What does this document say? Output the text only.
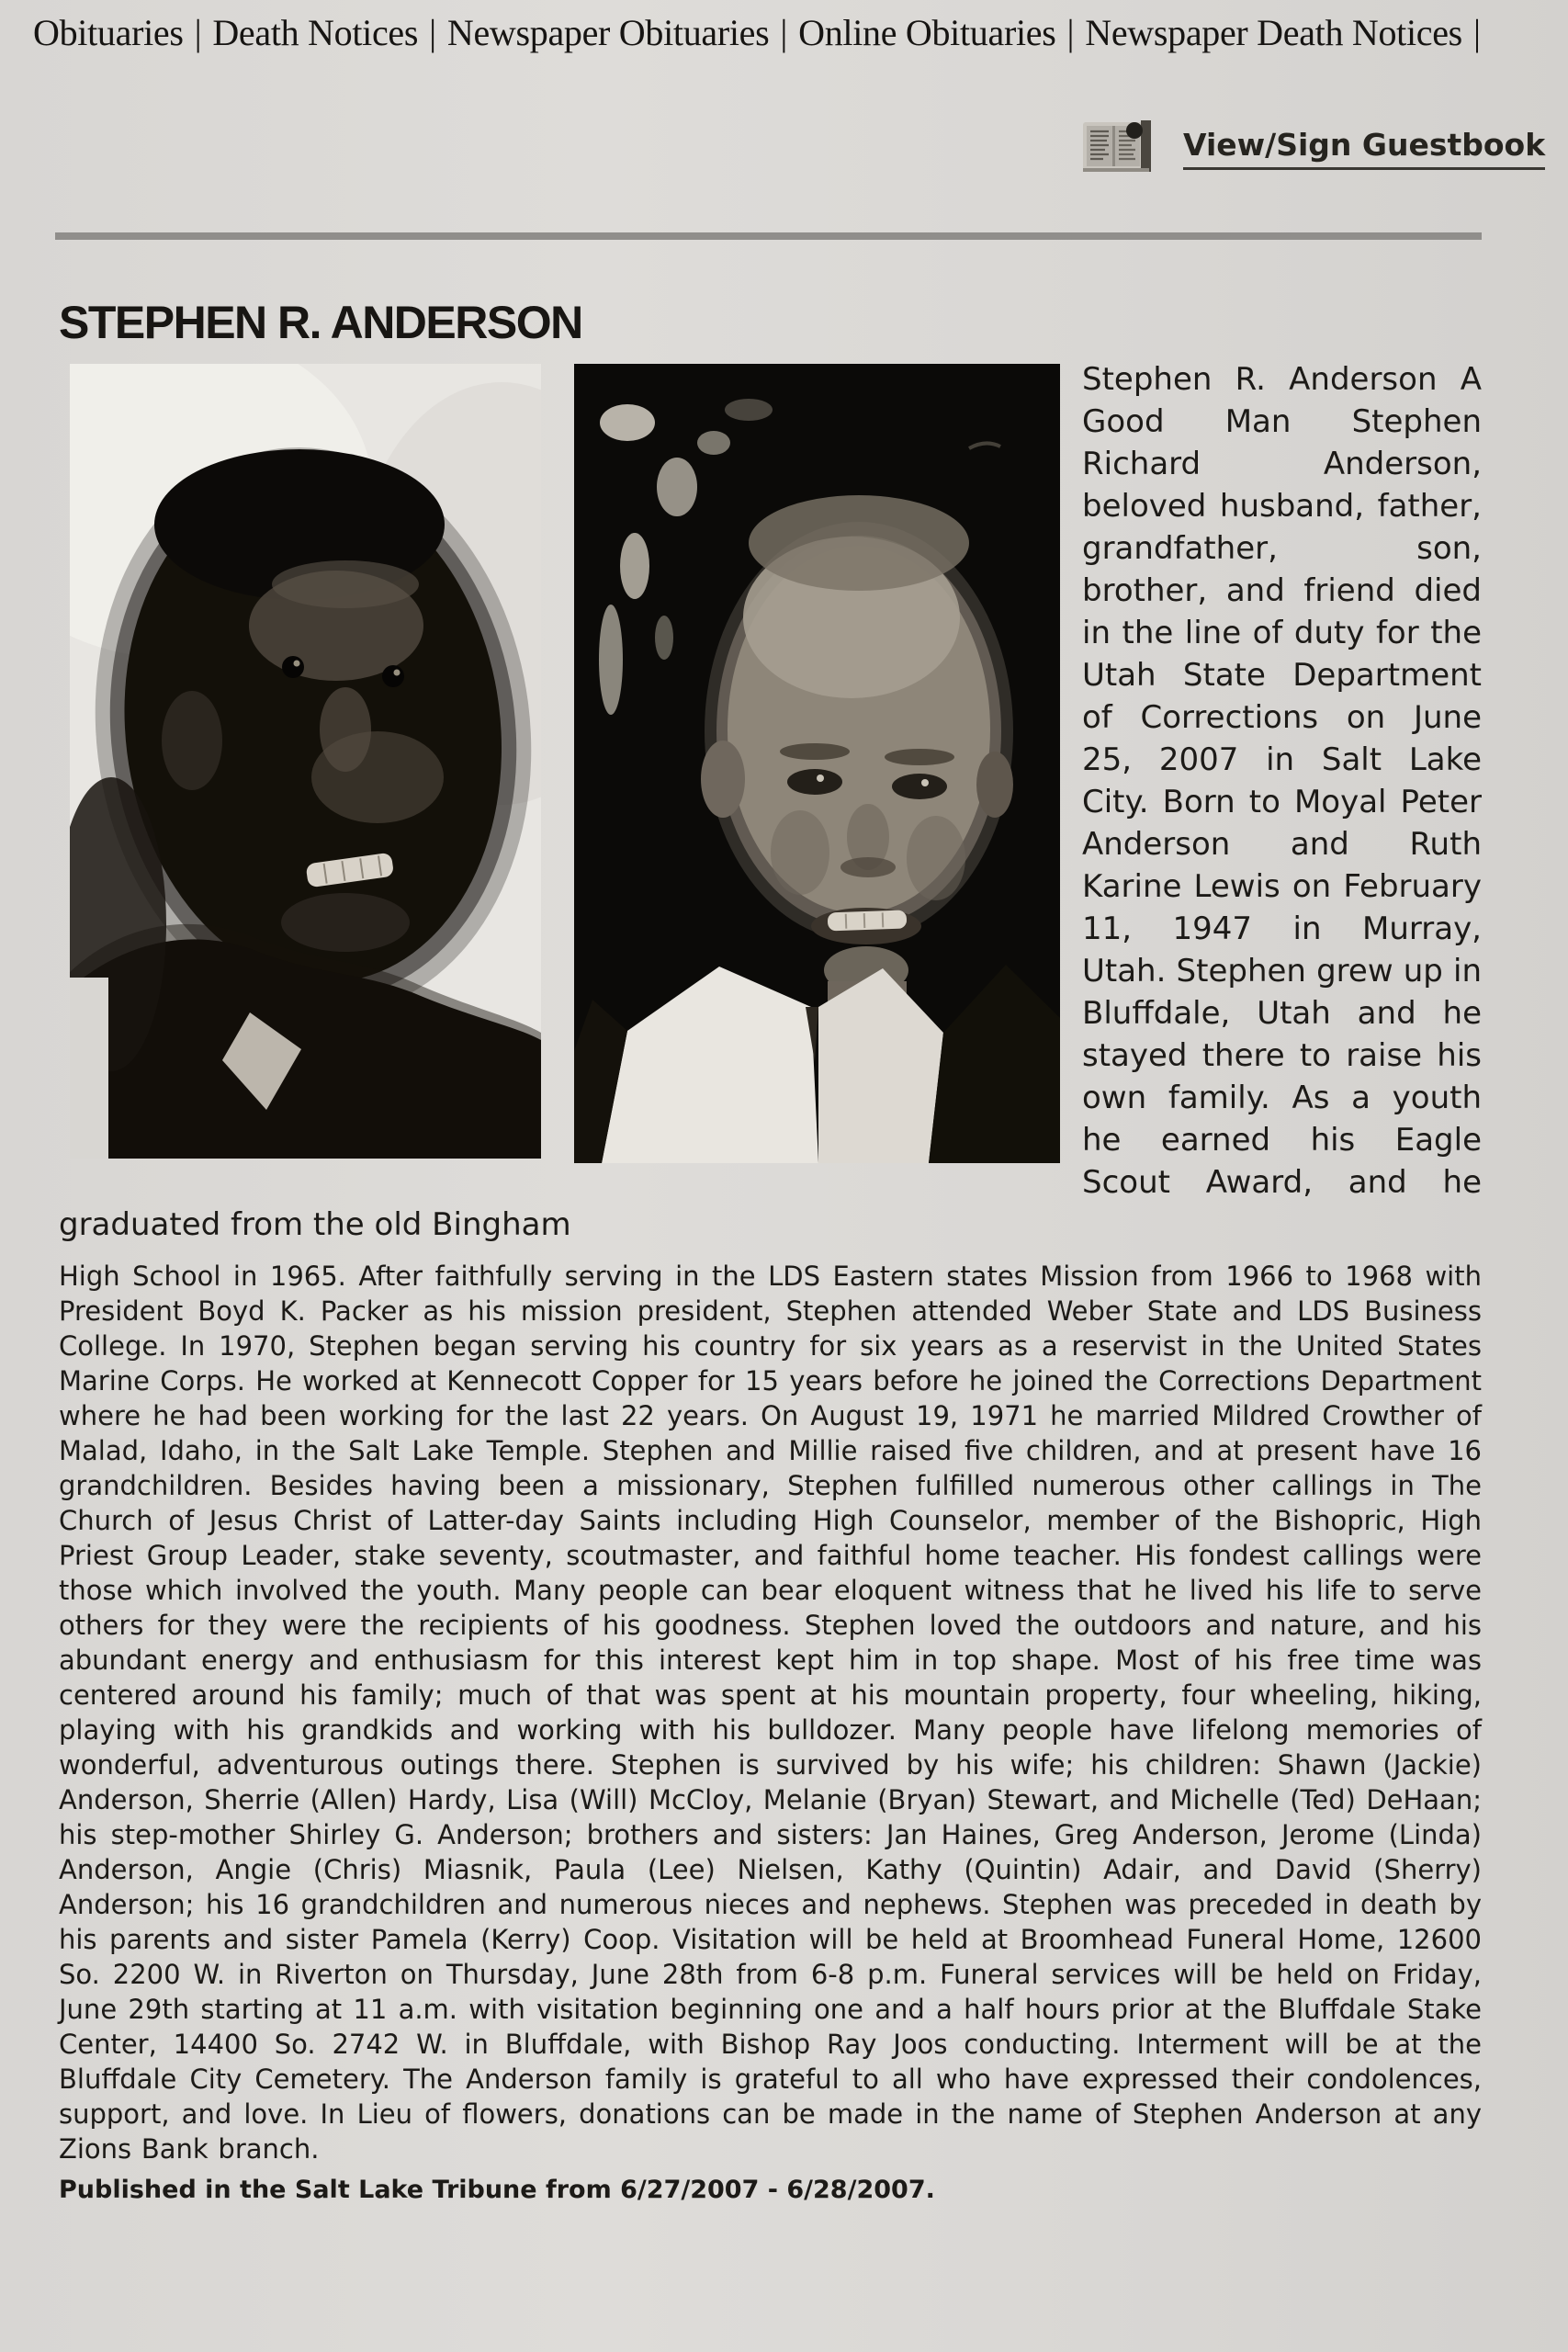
Obituaries | Death Notices | Newspaper Obituaries | Online Obituaries | Newspaper Death Notices |
View/Sign Guestbook
STEPHEN R. ANDERSON

Stephen R. Anderson A Good Man Stephen Richard Anderson, beloved husband, father, grandfather, son, brother, and friend died in the line of duty for the Utah State Department of Corrections on June 25, 2007 in Salt Lake City. Born to Moyal Peter Anderson and Ruth Karine Lewis on February 11, 1947 in Murray, Utah. Stephen grew up in Bluffdale, Utah and he stayed there to raise his own family. As a youth he earned his Eagle Scout Award, and he graduated from the old Bingham

High School in 1965. After faithfully serving in the LDS Eastern states Mission from 1966 to 1968 with President Boyd K. Packer as his mission president, Stephen attended Weber State and LDS Business College. In 1970, Stephen began serving his country for six years as a reservist in the United States Marine Corps. He worked at Kennecott Copper for 15 years before he joined the Corrections Department where he had been working for the last 22 years. On August 19, 1971 he married Mildred Crowther of Malad, Idaho, in the Salt Lake Temple. Stephen and Millie raised five children, and at present have 16 grandchildren. Besides having been a missionary, Stephen fulfilled numerous other callings in The Church of Jesus Christ of Latter-day Saints including High Counselor, member of the Bishopric, High Priest Group Leader, stake seventy, scoutmaster, and faithful home teacher. His fondest callings were those which involved the youth. Many people can bear eloquent witness that he lived his life to serve others for they were the recipients of his goodness. Stephen loved the outdoors and nature, and his abundant energy and enthusiasm for this interest kept him in top shape. Most of his free time was centered around his family; much of that was spent at his mountain property, four wheeling, hiking, playing with his grandkids and working with his bulldozer. Many people have lifelong memories of wonderful, adventurous outings there. Stephen is survived by his wife; his children: Shawn (Jackie) Anderson, Sherrie (Allen) Hardy, Lisa (Will) McCloy, Melanie (Bryan) Stewart, and Michelle (Ted) DeHaan; his step-mother Shirley G. Anderson; brothers and sisters: Jan Haines, Greg Anderson, Jerome (Linda) Anderson, Angie (Chris) Miasnik, Paula (Lee) Nielsen, Kathy (Quintin) Adair, and David (Sherry) Anderson; his 16 grandchildren and numerous nieces and nephews. Stephen was preceded in death by his parents and sister Pamela (Kerry) Coop. Visitation will be held at Broomhead Funeral Home, 12600 So. 2200 W. in Riverton on Thursday, June 28th from 6-8 p.m. Funeral services will be held on Friday, June 29th starting at 11 a.m. with visitation beginning one and a half hours prior at the Bluffdale Stake Center, 14400 So. 2742 W. in Bluffdale, with Bishop Ray Joos conducting. Interment will be at the Bluffdale City Cemetery. The Anderson family is grateful to all who have expressed their condolences, support, and love. In Lieu of flowers, donations can be made in the name of Stephen Anderson at any Zions Bank branch.

Published in the Salt Lake Tribune from 6/27/2007 - 6/28/2007.
